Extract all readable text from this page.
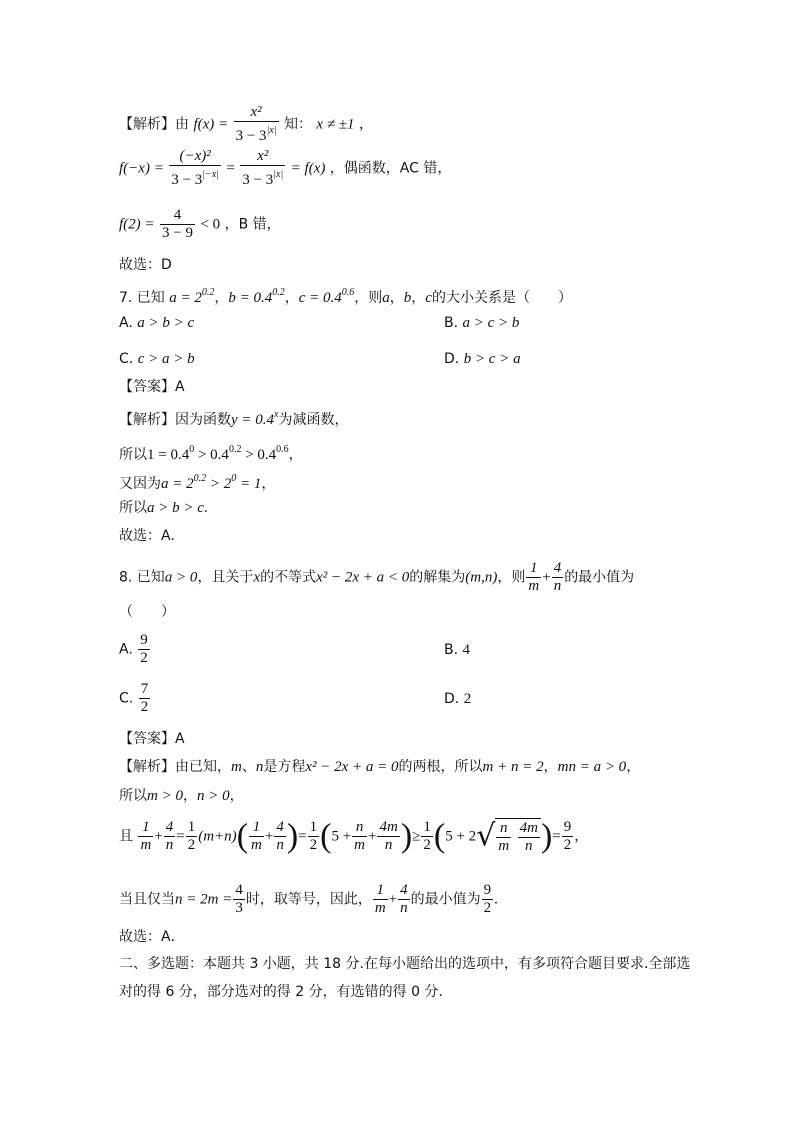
【解析】由 $f(x) = \frac{\text{x²}}{3 - 3^{|x|}}$ 知： x ≠ ±1 ，
$f(-x) = \frac{\text{(−x)²}}{3 - 3^{|-x|}} = \frac{\text{x²}}{3 - 3^{|x|}} = f(x)$ ，偶函数，AC 错，
$f(2) = \frac{4}{3 - 9} < 0$ ，B 错，
故选：D
7. 已知 $a = 2^{0.2}$，$b = 0.4^{0.2}$，$c = 0.4^{0.6}$，则a，b，c的大小关系是（　　）
A. a > b > c	B. a > c > b
C. c > a > b	D. b > c > a
【答案】A
【解析】因为函数$y = 0.4^x$为减函数，
所以$1 = 0.4^0 > 0.4^{0.2} > 0.4^{0.6}$，
又因为$a = 2^{0.2} > 2^0 = 1$，
所以a > b > c.
故选：A.
8. 已知a > 0，且关于x的不等式x² − 2x + a < 0的解集为(m,n)，则 $\frac{1}{m} + \frac{4}{n}$ 的最小值为
（　　）
A. $\frac{9}{2}$	B. 4
C. $\frac{7}{2}$	D. 2
【答案】A
【解析】由已知，m、n是方程x² − 2x + a = 0的两根，所以m + n = 2，mn = a > 0，
所以m > 0，n > 0，
且 $\frac{1}{m} + \frac{4}{n} = \frac{1}{2} (m+n)( \frac{1}{m} + \frac{4}{n}$ )= $\frac{1}{2} (5 + \frac{n}{m} + \frac{4m}{n}$ )≥ $\frac{1}{2} (5 + 2√ \frac{n}{m}$
$\frac{4m}{n}$ )= $\frac{9}{2}$ ，
当且仅当$n = 2m = \frac{4}{3}$ 时，取等号，因此， $\frac{1}{m} + \frac{4}{n}$ 的最小值为 $\frac{9}{2}$ .
故选：A．
二、多选题：本题共 3 小题，共 18 分.在每小题给出的选项中，有多项符合题目要求.全部选
对的得 6 分，部分选对的得 2 分，有选错的得 0 分.
